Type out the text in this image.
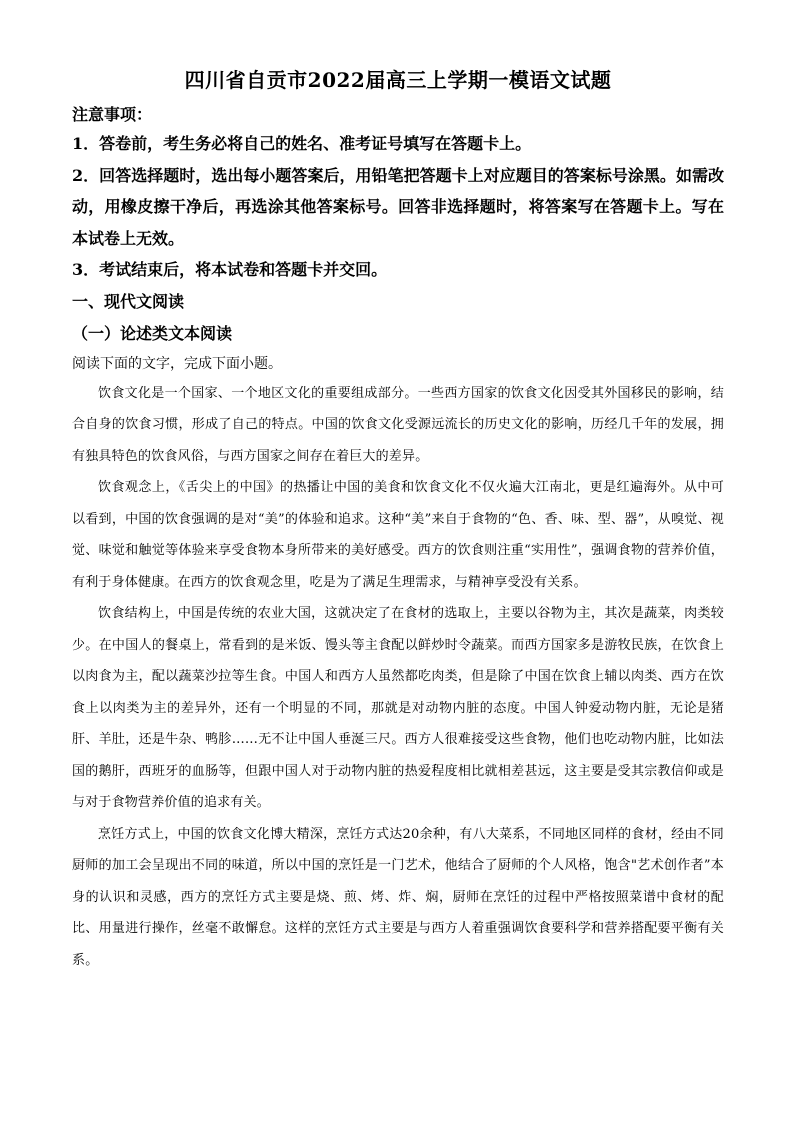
四川省自贡市2022届高三上学期一模语文试题
注意事项：
1．答卷前，考生务必将自己的姓名、准考证号填写在答题卡上。
2．回答选择题时，选出每小题答案后，用铅笔把答题卡上对应题目的答案标号涂黑。如需改动，用橡皮擦干净后，再选涂其他答案标号。回答非选择题时，将答案写在答题卡上。写在本试卷上无效。
3．考试结束后，将本试卷和答题卡并交回。
一、现代文阅读
（一）论述类文本阅读
阅读下面的文字，完成下面小题。

饮食文化是一个国家、一个地区文化的重要组成部分。一些西方国家的饮食文化因受其外国移民的影响，结合自身的饮食习惯，形成了自己的特点。中国的饮食文化受源远流长的历史文化的影响，历经几千年的发展，拥有独具特色的饮食风俗，与西方国家之间存在着巨大的差异。

饮食观念上，《舌尖上的中国》的热播让中国的美食和饮食文化不仅火遍大江南北，更是红遍海外。从中可以看到，中国的饮食强调的是对“美”的体验和追求。这种“美”来自于食物的“色、香、味、型、器”，从嗅觉、视觉、味觉和触觉等体验来享受食物本身所带来的美好感受。西方的饮食则注重“实用性”，强调食物的营养价值，有利于身体健康。在西方的饮食观念里，吃是为了满足生理需求，与精神享受没有关系。

饮食结构上，中国是传统的农业大国，这就决定了在食材的选取上，主要以谷物为主，其次是蔬菜，肉类较少。在中国人的餐桌上，常看到的是米饭、馒头等主食配以鲜炒时令蔬菜。而西方国家多是游牧民族，在饮食上以肉食为主，配以蔬菜沙拉等生食。中国人和西方人虽然都吃肉类，但是除了中国在饮食上辅以肉类、西方在饮食上以肉类为主的差异外，还有一个明显的不同，那就是对动物内脏的态度。中国人钟爱动物内脏，无论是猪肝、羊肚，还是牛杂、鸭胗……无不让中国人垂涎三尺。西方人很难接受这些食物，他们也吃动物内脏，比如法国的鹅肝，西班牙的血肠等，但跟中国人对于动物内脏的热爱程度相比就相差甚远，这主要是受其宗教信仰或是与对于食物营养价值的追求有关。

烹饪方式上，中国的饮食文化博大精深，烹饪方式达20余种，有八大菜系，不同地区同样的食材，经由不同厨师的加工会呈现出不同的味道，所以中国的烹饪是一门艺术，他结合了厨师的个人风格，饱含"艺术创作者”本身的认识和灵感，西方的烹饪方式主要是烧、煎、烤、炸、焖，厨师在烹饪的过程中严格按照菜谱中食材的配比、用量进行操作，丝毫不敢懈怠。这样的烹饪方式主要是与西方人着重强调饮食要科学和营养搭配要平衡有关系。
